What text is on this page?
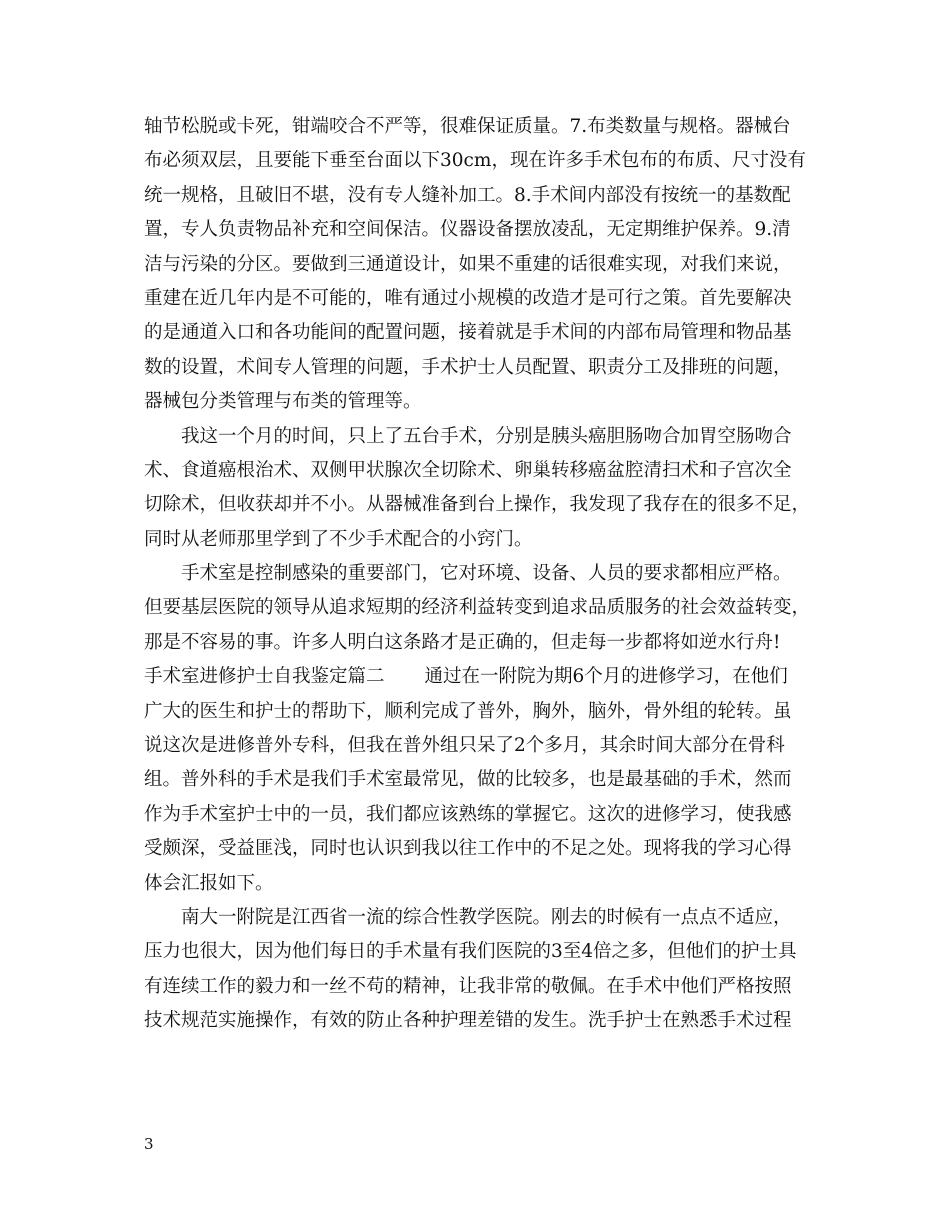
轴节松脱或卡死，钳端咬合不严等，很难保证质量。7.布类数量与规格。器械台
布必须双层，且要能下垂至台面以下30cm，现在许多手术包布的布质、尺寸没有
统一规格，且破旧不堪，没有专人缝补加工。8.手术间内部没有按统一的基数配
置，专人负责物品补充和空间保洁。仪器设备摆放凌乱，无定期维护保养。9.清
洁与污染的分区。要做到三通道设计，如果不重建的话很难实现，对我们来说，
重建在近几年内是不可能的，唯有通过小规模的改造才是可行之策。首先要解决
的是通道入口和各功能间的配置问题，接着就是手术间的内部布局管理和物品基
数的设置，术间专人管理的问题，手术护士人员配置、职责分工及排班的问题，
器械包分类管理与布类的管理等。
我这一个月的时间，只上了五台手术，分别是胰头癌胆肠吻合加胃空肠吻合
术、食道癌根治术、双侧甲状腺次全切除术、卵巢转移癌盆腔清扫术和子宫次全
切除术，但收获却并不小。从器械准备到台上操作，我发现了我存在的很多不足，
同时从老师那里学到了不少手术配合的小窍门。
手术室是控制感染的重要部门，它对环境、设备、人员的要求都相应严格。
但要基层医院的领导从追求短期的经济利益转变到追求品质服务的社会效益转变，
那是不容易的事。许多人明白这条路才是正确的，但走每一步都将如逆水行舟!
手术室进修护士自我鉴定篇二 通过在一附院为期6个月的进修学习，在他们
广大的医生和护士的帮助下，顺利完成了普外，胸外，脑外，骨外组的轮转。虽
说这次是进修普外专科，但我在普外组只呆了2个多月，其余时间大部分在骨科
组。普外科的手术是我们手术室最常见，做的比较多，也是最基础的手术，然而
作为手术室护士中的一员，我们都应该熟练的掌握它。这次的进修学习，使我感
受颇深，受益匪浅，同时也认识到我以往工作中的不足之处。现将我的学习心得
体会汇报如下。
南大一附院是江西省一流的综合性教学医院。刚去的时候有一点点不适应，
压力也很大，因为他们每日的手术量有我们医院的3至4倍之多，但他们的护士具
有连续工作的毅力和一丝不苟的精神，让我非常的敬佩。在手术中他们严格按照
技术规范实施操作，有效的防止各种护理差错的发生。洗手护士在熟悉手术过程
3
